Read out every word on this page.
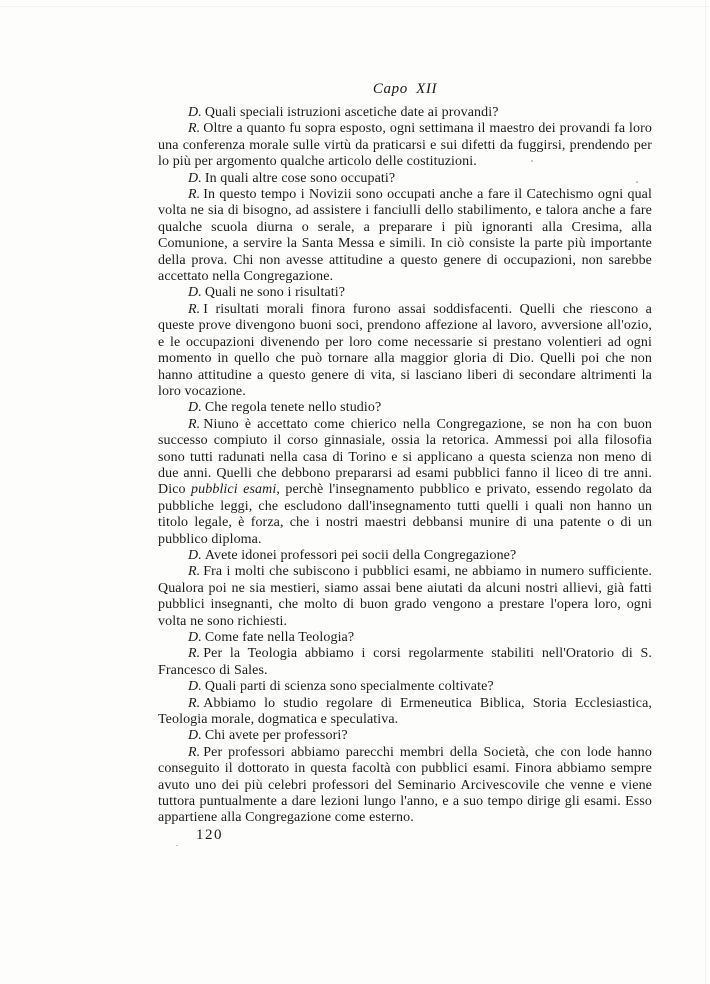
Capo XII

D. Quali speciali istruzioni ascetiche date ai provandi?

R. Oltre a quanto fu sopra esposto, ogni settimana il maestro dei provandi fa loro una conferenza morale sulle virtù da praticarsi e sui difetti da fuggirsi, prendendo per lo più per argomento qualche articolo delle costituzioni.

D. In quali altre cose sono occupati?

R. In questo tempo i Novizii sono occupati anche a fare il Catechismo ogni qual volta ne sia di bisogno, ad assistere i fanciulli dello stabilimento, e talora anche a fare qualche scuola diurna o serale, a preparare i più ignoranti alla Cresima, alla Comunione, a servire la Santa Messa e simili. In ciò consiste la parte più importante della prova. Chi non avesse attitudine a questo genere di occupazioni, non sarebbe accettato nella Congregazione.

D. Quali ne sono i risultati?

R. I risultati morali finora furono assai soddisfacenti. Quelli che riescono a queste prove divengono buoni soci, prendono affezione al lavoro, avversione all'ozio, e le occupazioni divenendo per loro come necessarie si prestano volentieri ad ogni momento in quello che può tornare alla maggior gloria di Dio. Quelli poi che non hanno attitudine a questo genere di vita, si lasciano liberi di secondare altrimenti la loro vocazione.

D. Che regola tenete nello studio?

R. Niuno è accettato come chierico nella Congregazione, se non ha con buon successo compiuto il corso ginnasiale, ossia la retorica. Ammessi poi alla filosofia sono tutti radunati nella casa di Torino e si applicano a questa scienza non meno di due anni. Quelli che debbono prepararsi ad esami pubblici fanno il liceo di tre anni. Dico pubblici esami, perchè l'insegnamento pubblico e privato, essendo regolato da pubbliche leggi, che escludono dall'insegnamento tutti quelli i quali non hanno un titolo legale, è forza, che i nostri maestri debbansi munire di una patente o di un pubblico diploma.

D. Avete idonei professori pei socii della Congregazione?

R. Fra i molti che subiscono i pubblici esami, ne abbiamo in numero sufficiente. Qualora poi ne sia mestieri, siamo assai bene aiutati da alcuni nostri allievi, già fatti pubblici insegnanti, che molto di buon grado vengono a prestare l'opera loro, ogni volta ne sono richiesti.

D. Come fate nella Teologia?

R. Per la Teologia abbiamo i corsi regolarmente stabiliti nell'Oratorio di S. Francesco di Sales.

D. Quali parti di scienza sono specialmente coltivate?

R. Abbiamo lo studio regolare di Ermeneutica Biblica, Storia Ecclesiastica, Teologia morale, dogmatica e speculativa.

D. Chi avete per professori?

R. Per professori abbiamo parecchi membri della Società, che con lode hanno conseguito il dottorato in questa facoltà con pubblici esami. Finora abbiamo sempre avuto uno dei più celebri professori del Seminario Arcivescovile che venne e viene tuttora puntualmente a dare lezioni lungo l'anno, e a suo tempo dirige gli esami. Esso appartiene alla Congregazione come esterno.

120
